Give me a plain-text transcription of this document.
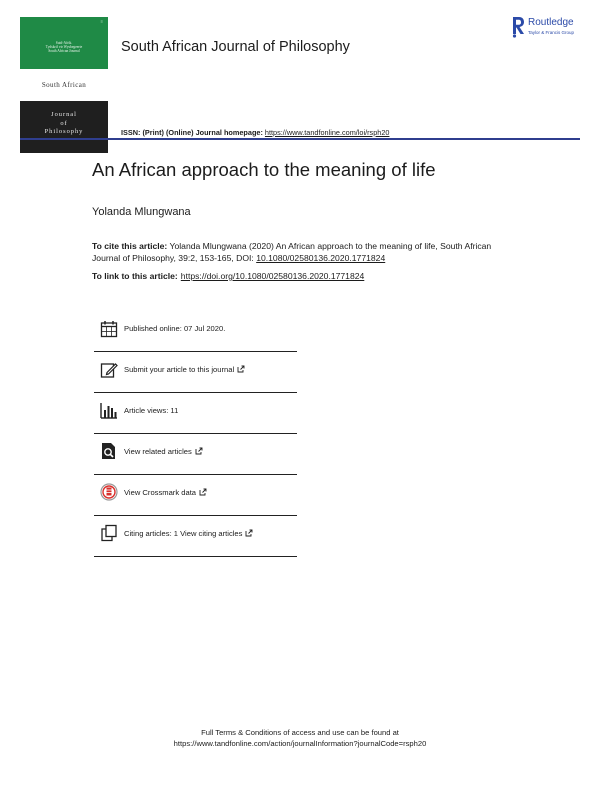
≡
Suid-Afrik.
Tydskrif vir Wysbegeerte
South African Journal
South African
Journal
of
Philosophy
South African Journal of Philosophy
Routledge
Taylor & Francis Group
ISSN: (Print) (Online) Journal homepage: https://www.tandfonline.com/loi/rsph20
An African approach to the meaning of life
Yolanda Mlungwana
To cite this article: Yolanda Mlungwana (2020) An African approach to the meaning of life, South African Journal of Philosophy, 39:2, 153-165, DOI: 10.1080/02580136.2020.1771824
To link to this article: https://doi.org/10.1080/02580136.2020.1771824
Published online: 07 Jul 2020.
Submit your article to this journal
Article views: 11
View related articles
View Crossmark data
Citing articles: 1 View citing articles
Full Terms & Conditions of access and use can be found at
https://www.tandfonline.com/action/journalInformation?journalCode=rsph20
